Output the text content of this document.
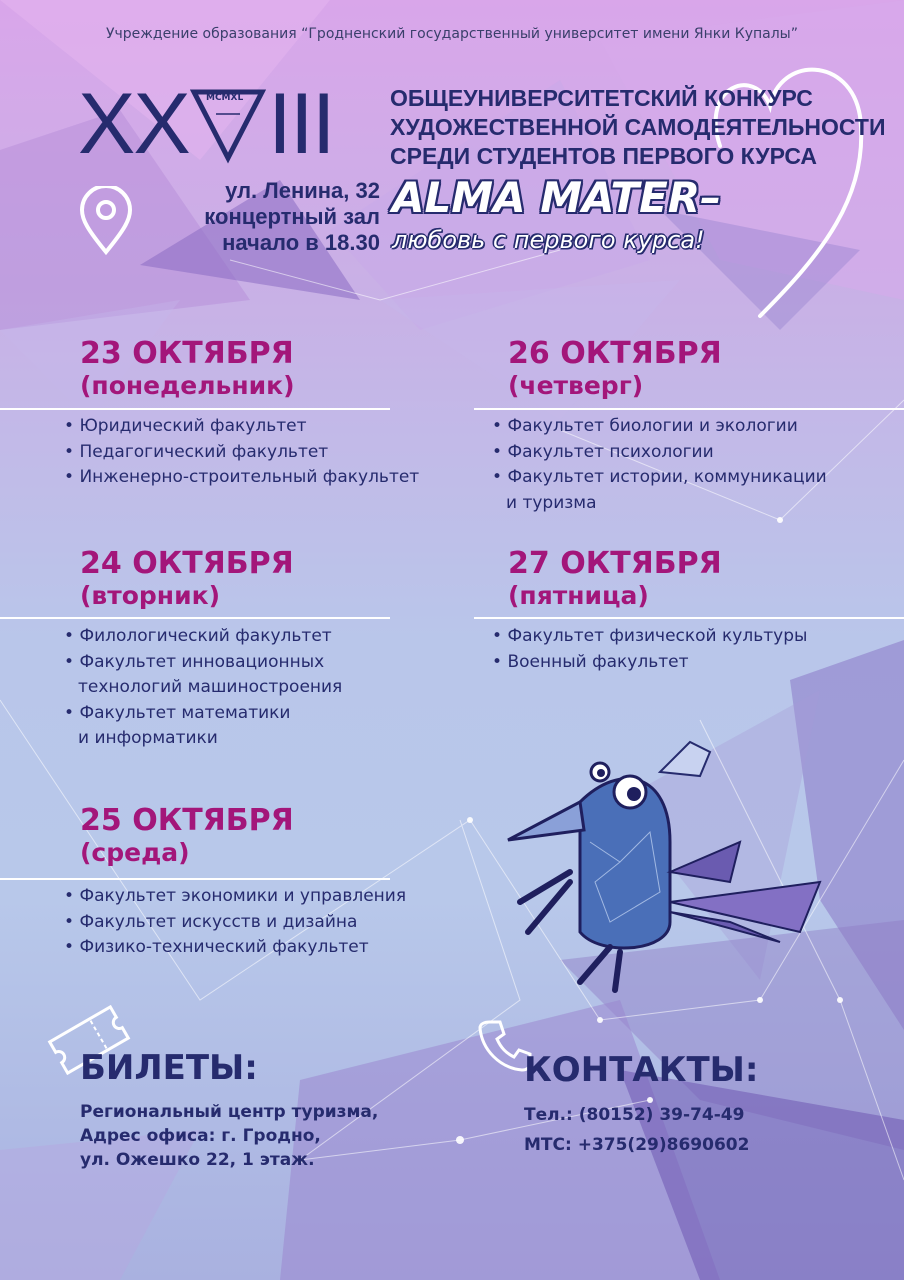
Учреждение образования “Гродненский государственный университет имени Янки Купалы”
XX MCMXL III ОБЩЕУНИВЕРСИТЕТСКИЙ КОНКУРС
ХУДОЖЕСТВЕННОЙ САМОДЕЯТЕЛЬНОСТИ
СРЕДИ СТУДЕНТОВ ПЕРВОГО КУРСА
ул. Ленина, 32
концертный зал
начало в 18.30
ALMA MATER–
любовь с первого курса!
23 ОКТЯБРЯ
(понедельник)
• Юридический факультет
• Педагогический факультет
• Инженерно-строительный факультет
24 ОКТЯБРЯ
(вторник)
• Филологический факультет
• Факультет инновационных
технологий машиностроения
• Факультет математики
и информатики
25 ОКТЯБРЯ
(среда)
• Факультет экономики и управления
• Факультет искусств и дизайна
• Физико-технический факультет
26 ОКТЯБРЯ
(четверг)
• Факультет биологии и экологии
• Факультет психологии
• Факультет истории, коммуникации
и туризма
27 ОКТЯБРЯ
(пятница)
• Факультет физической культуры
• Военный факультет
БИЛЕТЫ:
Региональный центр туризма,
Адрес офиса: г. Гродно,
ул. Ожешко 22, 1 этаж.
КОНТАКТЫ:
Тел.: (80152) 39-74-49
МТС: +375(29)8690602
